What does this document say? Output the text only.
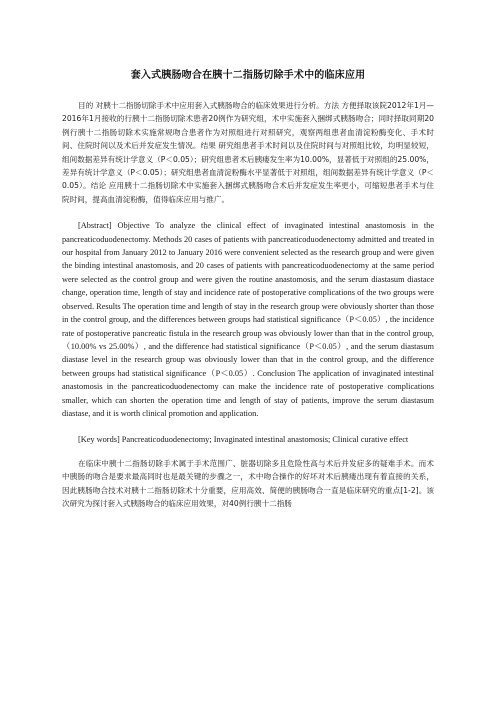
套入式胰肠吻合在胰十二指肠切除手术中的临床应用

目的 对胰十二指肠切除手术中应用套入式胰肠吻合的临床效果进行分析。方法 方便择取该院2012年1月—2016年1月接收的行胰十二指肠切除术患者20例作为研究组，术中实施套入捆绑式胰肠吻合；同时择取同期20例行胰十二指肠切除术实施常规吻合患者作为对照组进行对照研究，观察两组患者血清淀粉酶变化、手术时间、住院时间以及术后并发症发生情况。结果 研究组患者手术时间以及住院时间与对照组比较，均明显较短，组间数据差异有统计学意义（P＜0.05）；研究组患者术后胰瘘发生率为10.00%，显著低于对照组的25.00%，差异有统计学意义（P＜0.05）；研究组患者血清淀粉酶水平显著低于对照组，组间数据差异有统计学意义（P＜0.05）。结论 应用胰十二指肠切除术中实施套入捆绑式胰肠吻合术后并发症发生率更小，可缩短患者手术与住院时间，提高血清淀粉酶，值得临床应用与推广。

[Abstract] Objective To analyze the clinical effect of invaginated intestinal anastomosis in the pancreaticoduodenectomy. Methods 20 cases of patients with pancreaticoduodenectomy admitted and treated in our hospital from January 2012 to January 2016 were convenient selected as the research group and were given the binding intestinal anastomosis, and 20 cases of patients with pancreaticoduodenectomy at the same period were selected as the control group and were given the routine anastomosis, and the serum diastasum diastace change, operation time, length of stay and incidence rate of postoperative complications of the two groups were observed. Results The operation time and length of stay in the research group were obviously shorter than those in the control group, and the differences between groups had statistical significance（P＜0.05）, the incidence rate of postoperative pancreatic fistula in the research group was obviously lower than that in the control group, （10.00% vs 25.00%）, and the difference had statistical significance（P＜0.05）, and the serum diastasum diastase level in the research group was obviously lower than that in the control group, and the difference between groups had statistical significance（P＜0.05）. Conclusion The application of invaginated intestinal anastomosis in the pancreaticoduodenectomy can make the incidence rate of postoperative complications smaller, which can shorten the operation time and length of stay of patients, improve the serum diastasum diastase, and it is worth clinical promotion and application.

[Key words] Pancreaticoduodenectomy; Invaginated intestinal anastomosis; Clinical curative effect

在临床中胰十二指肠切除手术属于手术范围广、脏器切除多且危险性高与术后并发症多的疑难手术。而术中胰肠的吻合是要求最高同时也是最关键的步骤之一，术中吻合操作的好坏对术后胰瘘出现有着直接的关系，因此胰肠吻合技术对胰十二指肠切除术十分重要，应用高效、简便的胰肠吻合一直是临床研究的重点[1-2]。该次研究为探讨套入式胰肠吻合的临床应用效果，对40例行胰十二指肠
